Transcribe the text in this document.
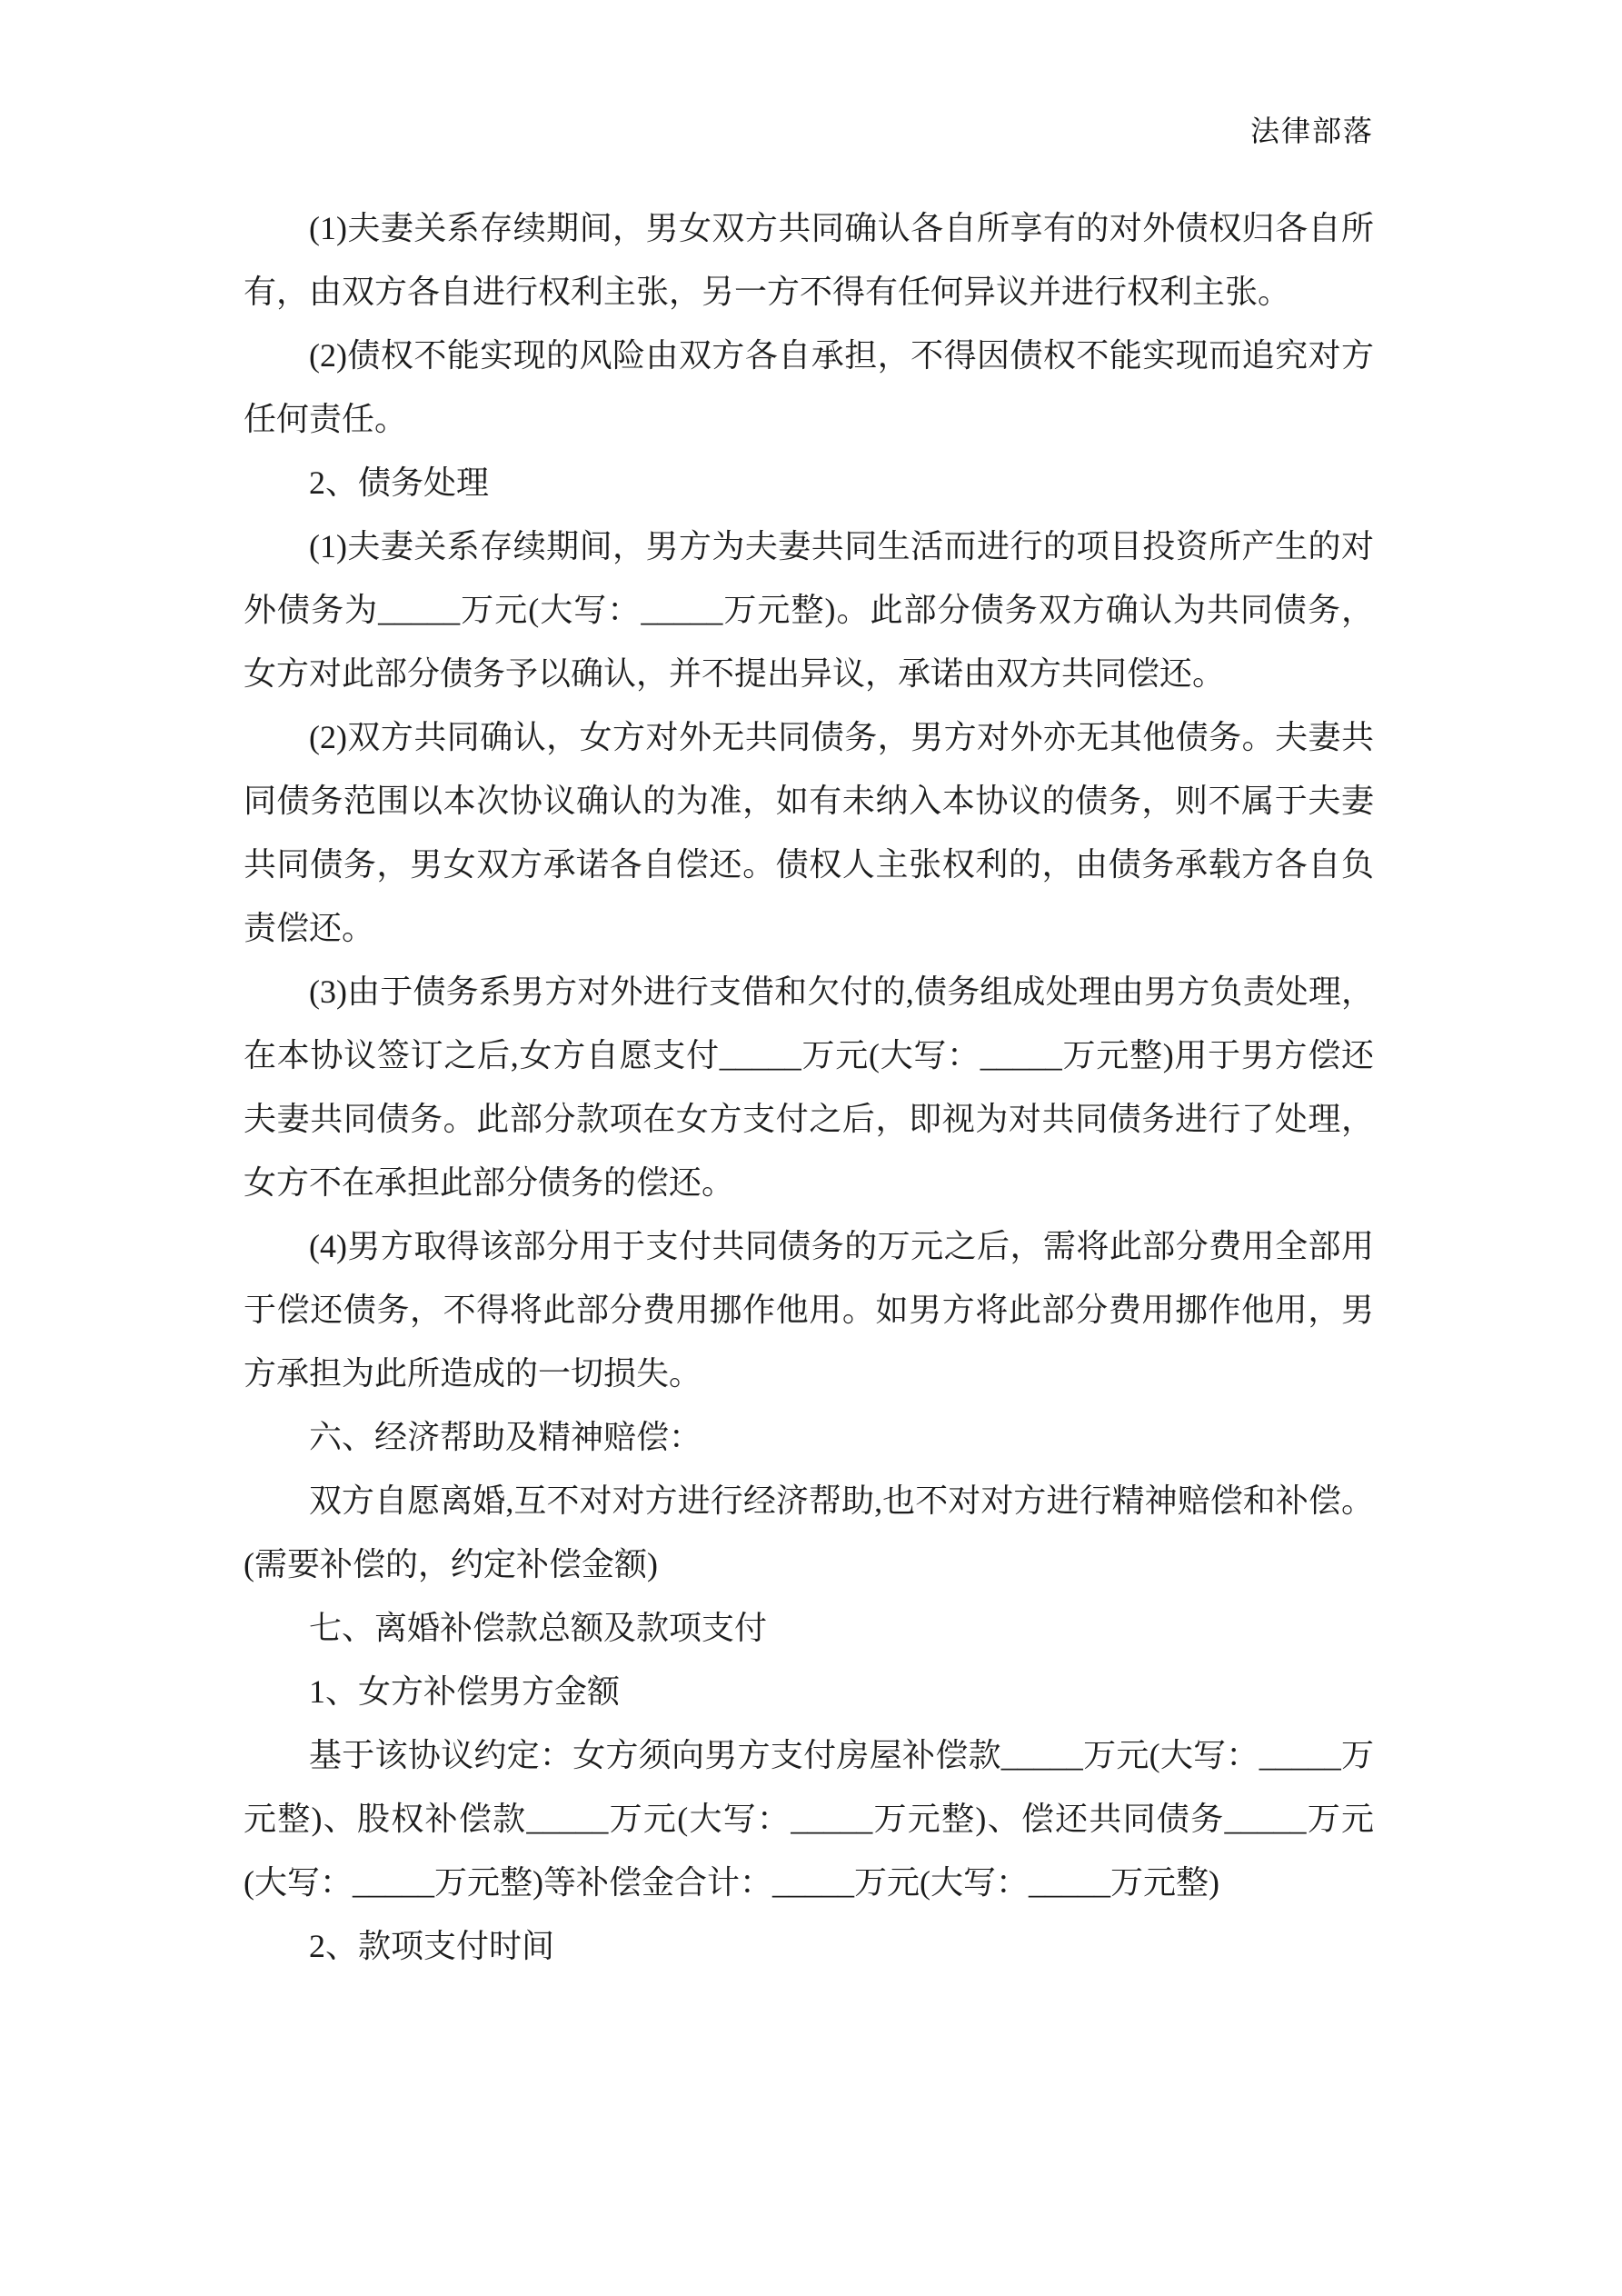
法律部落

(1)夫妻关系存续期间，男女双方共同确认各自所享有的对外债权归各自所有，由双方各自进行权利主张，另一方不得有任何异议并进行权利主张。

(2)债权不能实现的风险由双方各自承担，不得因债权不能实现而追究对方任何责任。

2、债务处理

(1)夫妻关系存续期间，男方为夫妻共同生活而进行的项目投资所产生的对外债务为_____万元(大写：_____万元整)。此部分债务双方确认为共同债务，女方对此部分债务予以确认，并不提出异议，承诺由双方共同偿还。

(2)双方共同确认，女方对外无共同债务，男方对外亦无其他债务。夫妻共同债务范围以本次协议确认的为准，如有未纳入本协议的债务，则不属于夫妻共同债务，男女双方承诺各自偿还。债权人主张权利的，由债务承载方各自负责偿还。

(3)由于债务系男方对外进行支借和欠付的,债务组成处理由男方负责处理，在本协议签订之后,女方自愿支付_____万元(大写：_____万元整)用于男方偿还夫妻共同债务。此部分款项在女方支付之后，即视为对共同债务进行了处理，女方不在承担此部分债务的偿还。

(4)男方取得该部分用于支付共同债务的万元之后，需将此部分费用全部用于偿还债务，不得将此部分费用挪作他用。如男方将此部分费用挪作他用，男方承担为此所造成的一切损失。

六、经济帮助及精神赔偿：

双方自愿离婚,互不对对方进行经济帮助,也不对对方进行精神赔偿和补偿。(需要补偿的，约定补偿金额)

七、离婚补偿款总额及款项支付

1、女方补偿男方金额

基于该协议约定：女方须向男方支付房屋补偿款_____万元(大写：_____万元整)、股权补偿款_____万元(大写：_____万元整)、偿还共同债务_____万元(大写：_____万元整)等补偿金合计：_____万元(大写：_____万元整)

2、款项支付时间
